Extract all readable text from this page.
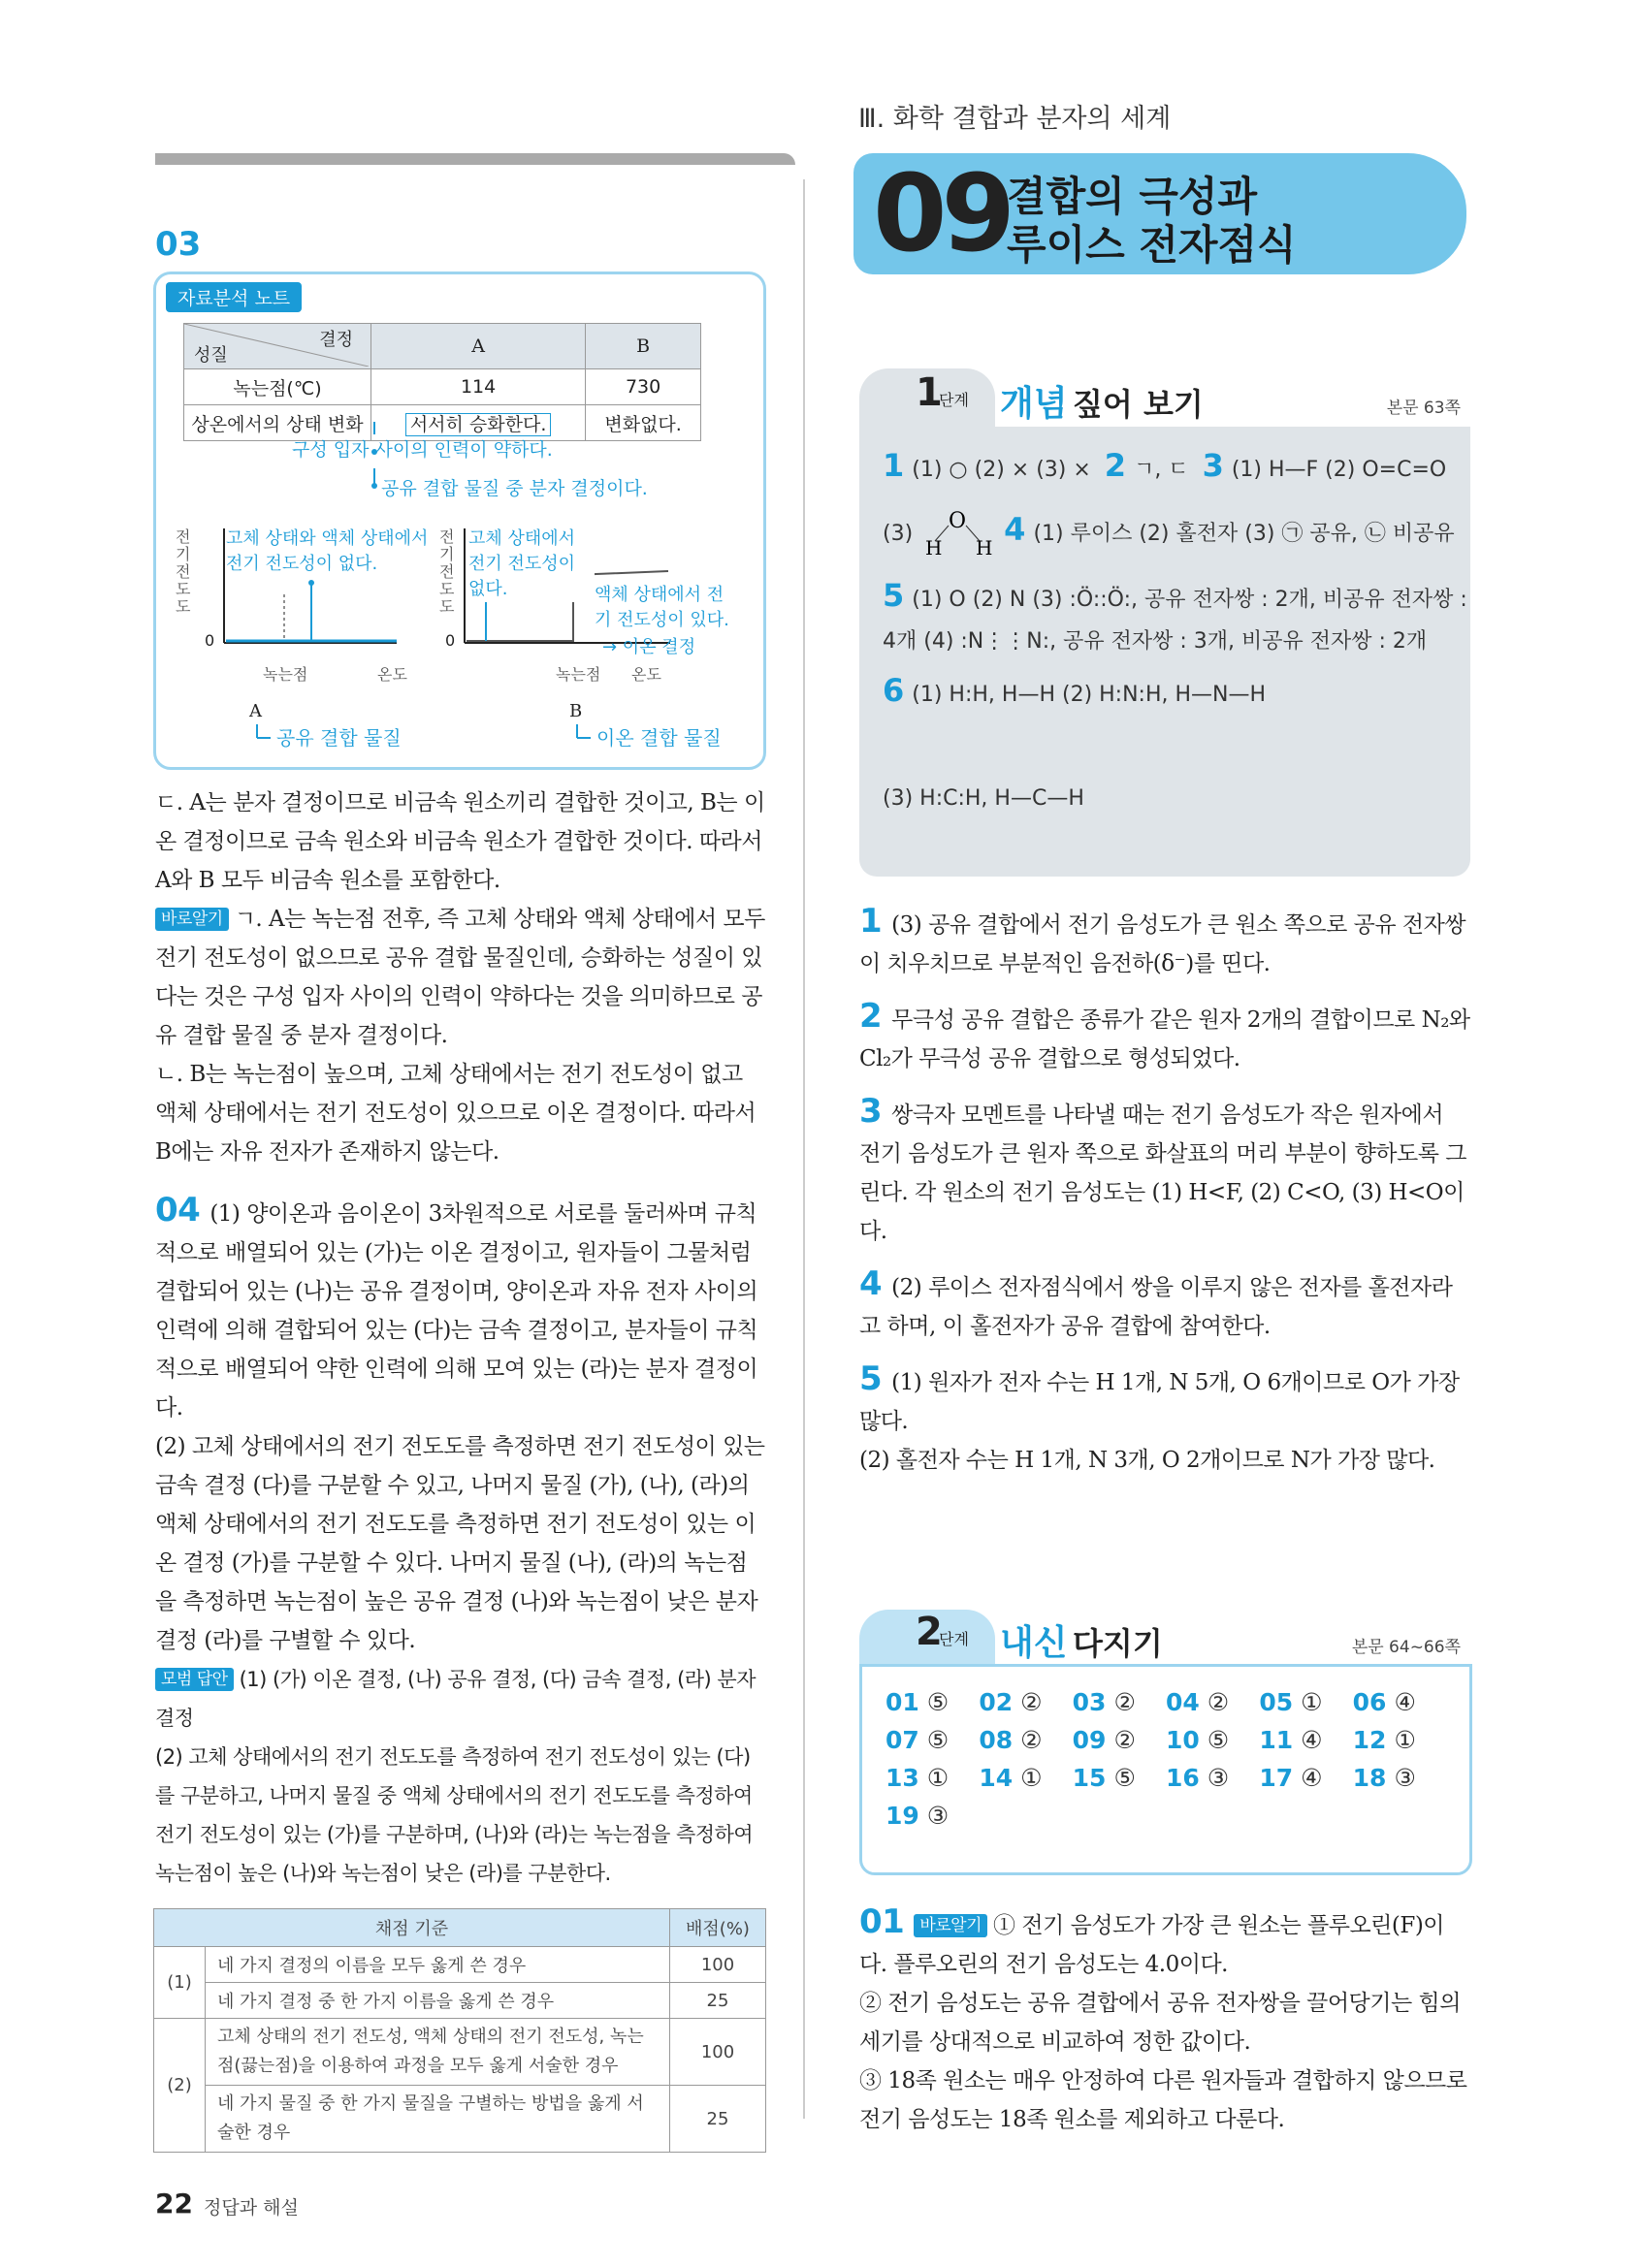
Ⅲ. 화학 결합과 분자의 세계
09
결합의 극성과
루이스 전자점식
03
자료분석 노트
결정
성질	A	B
녹는점(℃)	114	730
상온에서의 상태 변화	서서히 승화한다.	변화없다.
구성 입자 사이의 인력이 약하다.
공유 결합 물질 중 분자 결정이다.
전기 전도도
0
고체 상태와 액체 상태에서 전기 전도성이 없다.
녹는점	온도
A
공유 결합 물질
전기 전도도
0
고체 상태에서 전기 전도성이 없다.	액체 상태에서 전기 전도성이 있다.
→ 이온 결정
녹는점 온도
B
이온 결합 물질

ㄷ. A는 분자 결정이므로 비금속 원소끼리 결합한 것이고, B는 이온 결정이므로 금속 원소와 비금속 원소가 결합한 것이다. 따라서 A와 B 모두 비금속 원소를 포함한다.

바로알기 ㄱ. A는 녹는점 전후, 즉 고체 상태와 액체 상태에서 모두 전기 전도성이 없으므로 공유 결합 물질인데, 승화하는 성질이 있다는 것은 구성 입자 사이의 인력이 약하다는 것을 의미하므로 공유 결합 물질 중 분자 결정이다.

ㄴ. B는 녹는점이 높으며, 고체 상태에서는 전기 전도성이 없고 액체 상태에서는 전기 전도성이 있으므로 이온 결정이다. 따라서 B에는 자유 전자가 존재하지 않는다.

04 (1) 양이온과 음이온이 3차원적으로 서로를 둘러싸며 규칙적으로 배열되어 있는 (가)는 이온 결정이고, 원자들이 그물처럼 결합되어 있는 (나)는 공유 결정이며, 양이온과 자유 전자 사이의 인력에 의해 결합되어 있는 (다)는 금속 결정이고, 분자들이 규칙적으로 배열되어 약한 인력에 의해 모여 있는 (라)는 분자 결정이다.

(2) 고체 상태에서의 전기 전도도를 측정하면 전기 전도성이 있는 금속 결정 (다)를 구분할 수 있고, 나머지 물질 (가), (나), (라)의 액체 상태에서의 전기 전도도를 측정하면 전기 전도성이 있는 이온 결정 (가)를 구분할 수 있다. 나머지 물질 (나), (라)의 녹는점을 측정하면 녹는점이 높은 공유 결정 (나)와 녹는점이 낮은 분자 결정 (라)를 구별할 수 있다.

모범 답안 (1) (가) 이온 결정, (나) 공유 결정, (다) 금속 결정, (라) 분자 결정

(2) 고체 상태에서의 전기 전도도를 측정하여 전기 전도성이 있는 (다)를 구분하고, 나머지 물질 중 액체 상태에서의 전기 전도도를 측정하여 전기 전도성이 있는 (가)를 구분하며, (나)와 (라)는 녹는점을 측정하여 녹는점이 높은 (나)와 녹는점이 낮은 (라)를 구분한다.

채점 기준		배점(%)
(1)	네 가지 결정의 이름을 모두 옳게 쓴 경우	100
	네 가지 결정 중 한 가지 이름을 옳게 쓴 경우	25
(2)	고체 상태의 전기 전도성, 액체 상태의 전기 전도성, 녹는점(끓는점)을 이용하여 과정을 모두 옳게 서술한 경우	100
	네 가지 물질 중 한 가지 물질을 구별하는 방법을 옳게 서술한 경우	25
22 정답과 해설
1
단계 개념 짚어 보기	본문 63쪽
1 (1) ○ (2) × (3) × 2 ㄱ, ㄷ 3 (1) H—F (2) O=C=O
(3)
O
H H 4 (1) 루이스 (2) 홀전자 (3) ㉠ 공유, ㉡ 비공유
5 (1) O (2) N (3) :Ö::Ö:, 공유 전자쌍 : 2개, 비공유 전자쌍 :
4개 (4) :N⋮⋮N:, 공유 전자쌍 : 3개, 비공유 전자쌍 : 2개
6 (1) H:H, H—H (2) H:N:H, H—N—H
(3) H:C:H, H—C—H

1 (3) 공유 결합에서 전기 음성도가 큰 원소 쪽으로 공유 전자쌍이 치우치므로 부분적인 음전하(δ⁻)를 띤다.

2 무극성 공유 결합은 종류가 같은 원자 2개의 결합이므로 N₂와 Cl₂가 무극성 공유 결합으로 형성되었다.

3 쌍극자 모멘트를 나타낼 때는 전기 음성도가 작은 원자에서 전기 음성도가 큰 원자 쪽으로 화살표의 머리 부분이 향하도록 그린다. 각 원소의 전기 음성도는 (1) H<F, (2) C<O, (3) H<O이다.

4 (2) 루이스 전자점식에서 쌍을 이루지 않은 전자를 홀전자라고 하며, 이 홀전자가 공유 결합에 참여한다.

5 (1) 원자가 전자 수는 H 1개, N 5개, O 6개이므로 O가 가장 많다.

(2) 홀전자 수는 H 1개, N 3개, O 2개이므로 N가 가장 많다.

2
단계 내신 다지기	본문 64~66쪽
01 ⑤	02 ②	03 ②	04 ②	05 ①	06 ④
07 ⑤	08 ②	09 ②	10 ⑤	11 ④	12 ①
13 ①	14 ①	15 ⑤	16 ③	17 ④	18 ③
19 ③

01 바로알기 ① 전기 음성도가 가장 큰 원소는 플루오린(F)이다. 플루오린의 전기 음성도는 4.0이다.

② 전기 음성도는 공유 결합에서 공유 전자쌍을 끌어당기는 힘의 세기를 상대적으로 비교하여 정한 값이다.

③ 18족 원소는 매우 안정하여 다른 원자들과 결합하지 않으므로 전기 음성도는 18족 원소를 제외하고 다룬다.
